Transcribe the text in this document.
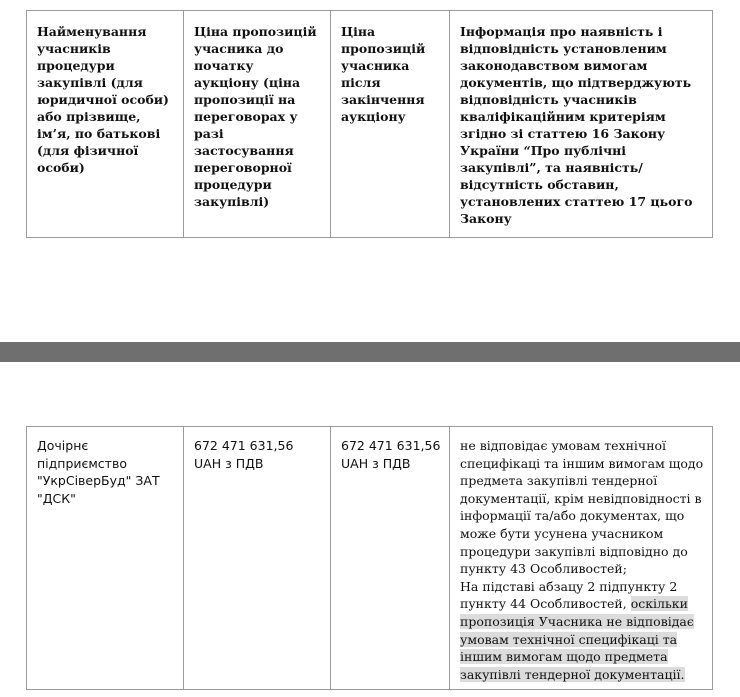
Найменування учасників процедури закупівлі (для юридичної особи) або прізвище, ім’я, по батькові (для фізичної особи)	Ціна пропозицій учасника до початку аукціону (ціна пропозиції на переговорах у разі застосування переговорної процедури закупівлі)	Ціна пропозицій учасника після закінчення аукціону	Інформація про наявність і відповідність установленим законодавством вимогам документів, що підтверджують відповідність учасників кваліфікаційним критеріям згідно зі статтею 16 Закону України “Про публічні закупівлі”, та наявність/відсутність обставин, установлених статтею 17 цього Закону
Дочірнє підприємство "УкрСіверБуд" ЗАТ "ДСК"	672 471 631,56 UAH з ПДВ	672 471 631,56 UAH з ПДВ	не відповідає умовам технічної специфікаці та іншим вимогам щодо предмета закупівлі тендерної документації, крім невідповідності в інформації та/або документах, що може бути усунена учасником процедури закупівлі відповідно до пункту 43 Особливостей;
На підставі абзацу 2 підпункту 2 пункту 44 Особливостей, оскільки пропозиція Учасника не відповідає умовам технічної специфікаці та іншим вимогам щодо предмета закупівлі тендерної документації.
